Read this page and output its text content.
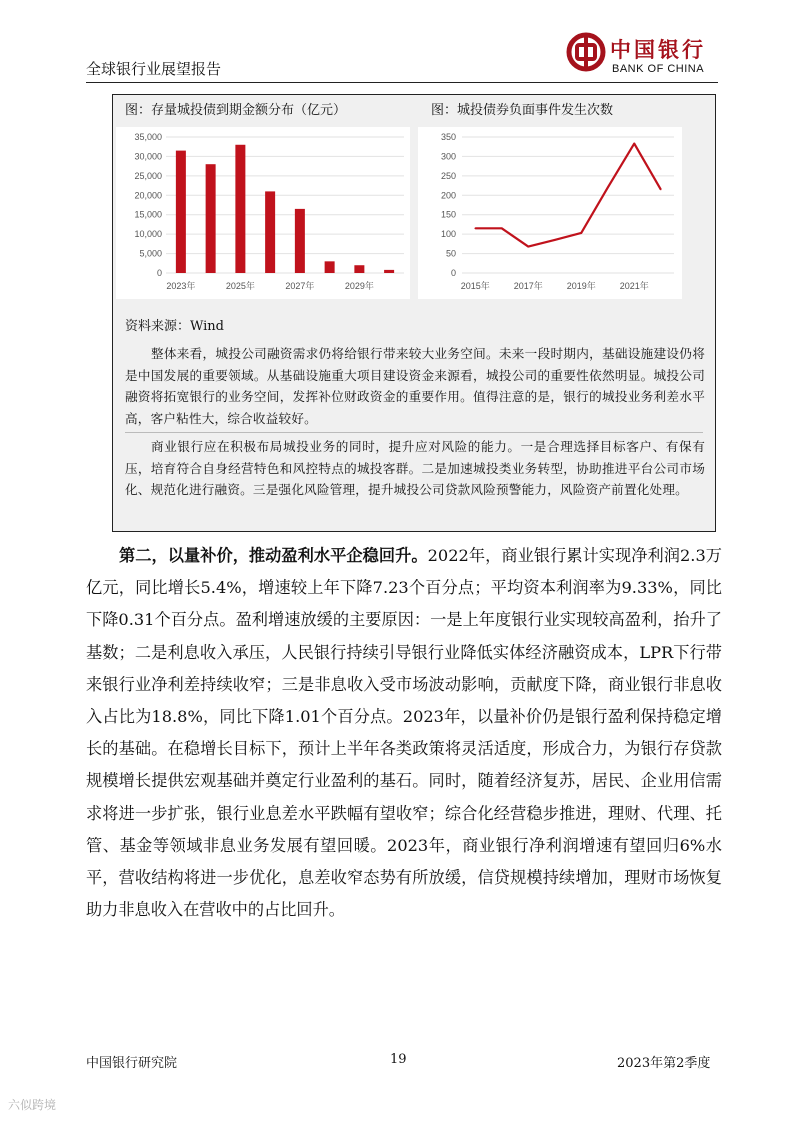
全球银行业展望报告
中国银行
BANK OF CHINA
图：存量城投债到期金额分布（亿元）	图：城投债券负面事件发生次数
0
5,000
10,000
15,000
20,000
25,000
30,000
35,000
2023年	2025年	2027年	2029年
0
50
100
150
200
250
300
350
2015年	2017年	2019年	2021年
资料来源：Wind

整体来看，城投公司融资需求仍将给银行带来较大业务空间。未来一段时期内，基础设施建设仍将是中国发展的重要领域。从基础设施重大项目建设资金来源看，城投公司的重要性依然明显。城投公司融资将拓宽银行的业务空间，发挥补位财政资金的重要作用。值得注意的是，银行的城投业务利差水平高，客户粘性大，综合收益较好。

商业银行应在积极布局城投业务的同时，提升应对风险的能力。一是合理选择目标客户、有保有压，培育符合自身经营特色和风控特点的城投客群。二是加速城投类业务转型，协助推进平台公司市场化、规范化进行融资。三是强化风险管理，提升城投公司贷款风险预警能力，风险资产前置化处理。

第二，以量补价，推动盈利水平企稳回升。2022年，商业银行累计实现净利润2.3万亿元，同比增长5.4%，增速较上年下降7.23个百分点；平均资本利润率为9.33%，同比下降0.31个百分点。盈利增速放缓的主要原因：一是上年度银行业实现较高盈利，抬升了基数；二是利息收入承压，人民银行持续引导银行业降低实体经济融资成本，LPR下行带来银行业净利差持续收窄；三是非息收入受市场波动影响，贡献度下降，商业银行非息收入占比为18.8%，同比下降1.01个百分点。2023年，以量补价仍是银行盈利保持稳定增长的基础。在稳增长目标下，预计上半年各类政策将灵活适度，形成合力，为银行存贷款规模增长提供宏观基础并奠定行业盈利的基石。同时，随着经济复苏，居民、企业用信需求将进一步扩张，银行业息差水平跌幅有望收窄；综合化经营稳步推进，理财、代理、托管、基金等领域非息业务发展有望回暖。2023年，商业银行净利润增速有望回归6%水平，营收结构将进一步优化，息差收窄态势有所放缓，信贷规模持续增加，理财市场恢复助力非息收入在营收中的占比回升。

中国银行研究院	19	2023年第2季度
六似跨境
